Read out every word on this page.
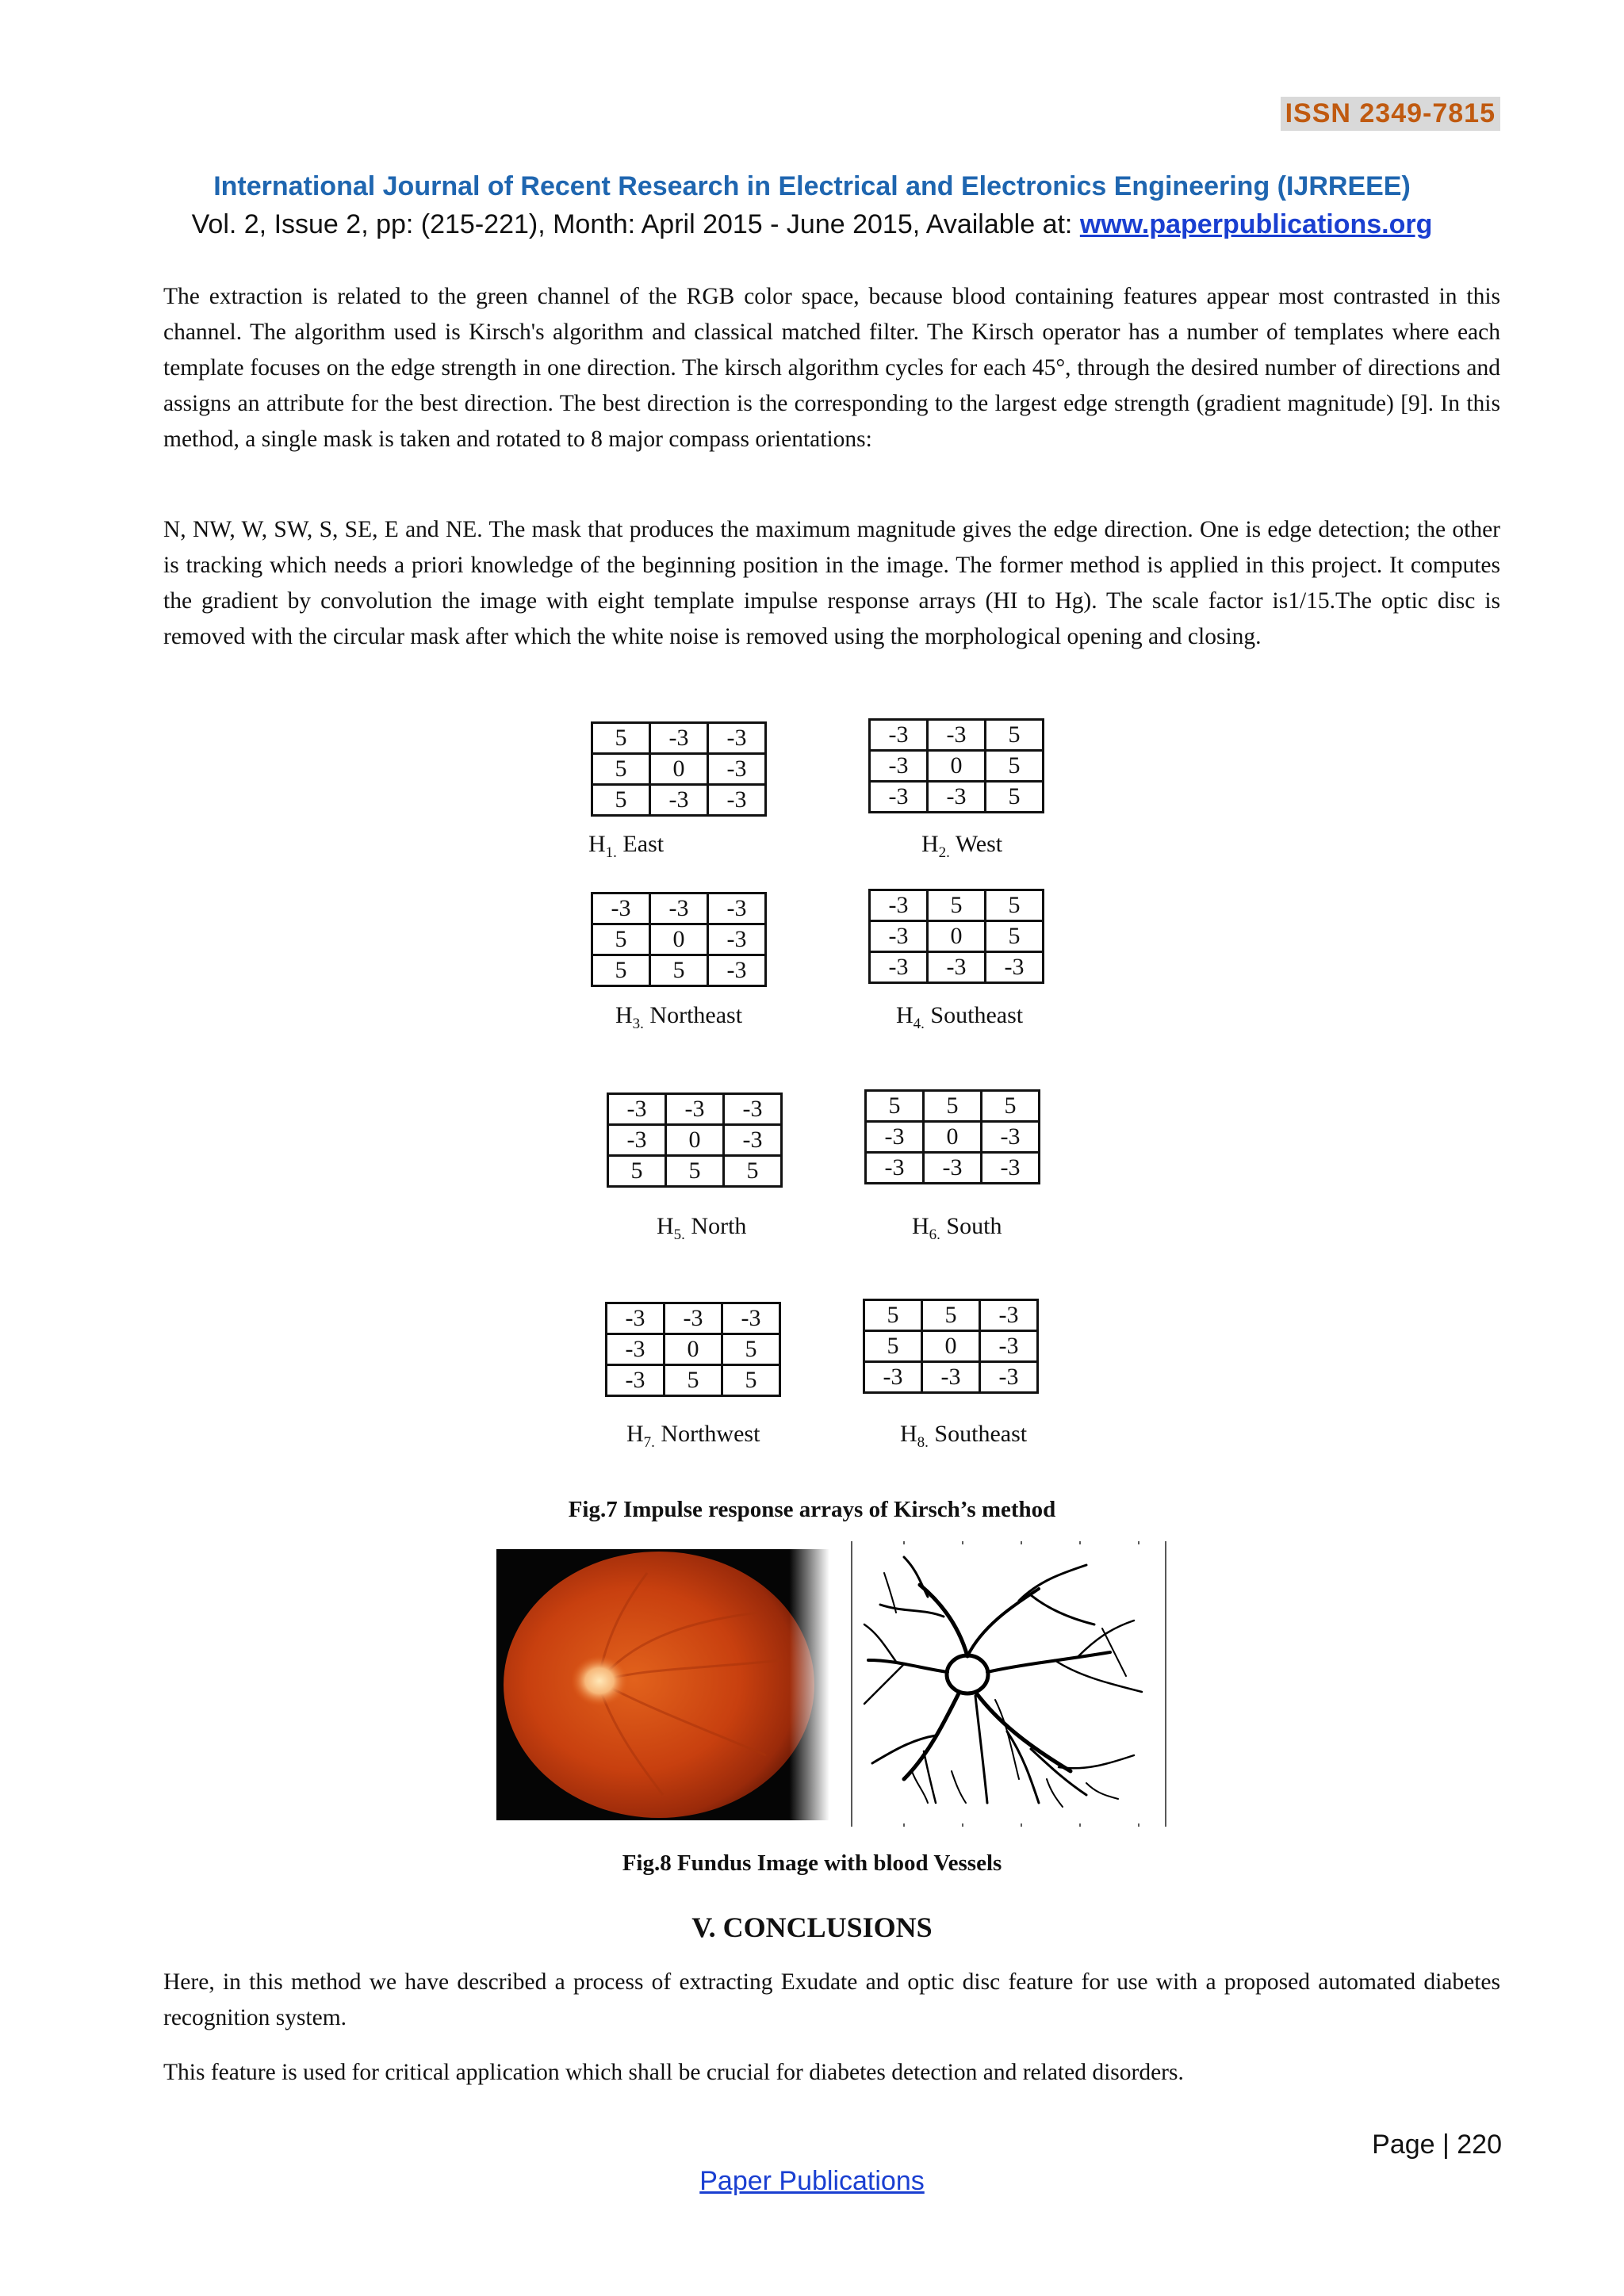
ISSN 2349-7815
International Journal of Recent Research in Electrical and Electronics Engineering (IJRREEE)
Vol. 2, Issue 2, pp: (215-221), Month: April 2015 - June 2015, Available at: www.paperpublications.org

The extraction is related to the green channel of the RGB color space, because blood containing features appear most contrasted in this channel. The algorithm used is Kirsch's algorithm and classical matched filter. The Kirsch operator has a number of templates where each template focuses on the edge strength in one direction. The kirsch algorithm cycles for each 45°, through the desired number of directions and assigns an attribute for the best direction. The best direction is the corresponding to the largest edge strength (gradient magnitude) [9]. In this method, a single mask is taken and rotated to 8 major compass orientations:

N, NW, W, SW, S, SE, E and NE. The mask that produces the maximum magnitude gives the edge direction. One is edge detection; the other is tracking which needs a priori knowledge of the beginning position in the image. The former method is applied in this project. It computes the gradient by convolution the image with eight template impulse response arrays (HI to Hg). The scale factor is1/15.The optic disc is removed with the circular mask after which the white noise is removed using the morphological opening and closing.

5	-3	-3
5	0	-3
5	-3	-3
$H_{1.}$ East
-3	-3	5
-3	0	5
-3	-3	5
$H_{2.}$ West
-3	-3	-3
5	0	-3
5	5	-3
$H_{3.}$ Northeast
-3	5	5
-3	0	5
-3	-3	-3
$H_{4.}$ Southeast
-3	-3	-3
-3	0	-3
5	5	5
$H_{5.}$ North
5	5	5
-3	0	-3
-3	-3	-3
$H_{6.}$ South
-3	-3	-3
-3	0	5
-3	5	5
$H_{7.}$ Northwest
5	5	-3
5	0	-3
-3	-3	-3
$H_{8.}$ Southeast
Fig.7 Impulse response arrays of Kirsch’s method
Fig.8 Fundus Image with blood Vessels
V. CONCLUSIONS

Here, in this method we have described a process of extracting Exudate and optic disc feature for use with a proposed automated diabetes recognition system.

This feature is used for critical application which shall be crucial for diabetes detection and related disorders.

Page | 220
Paper Publications
